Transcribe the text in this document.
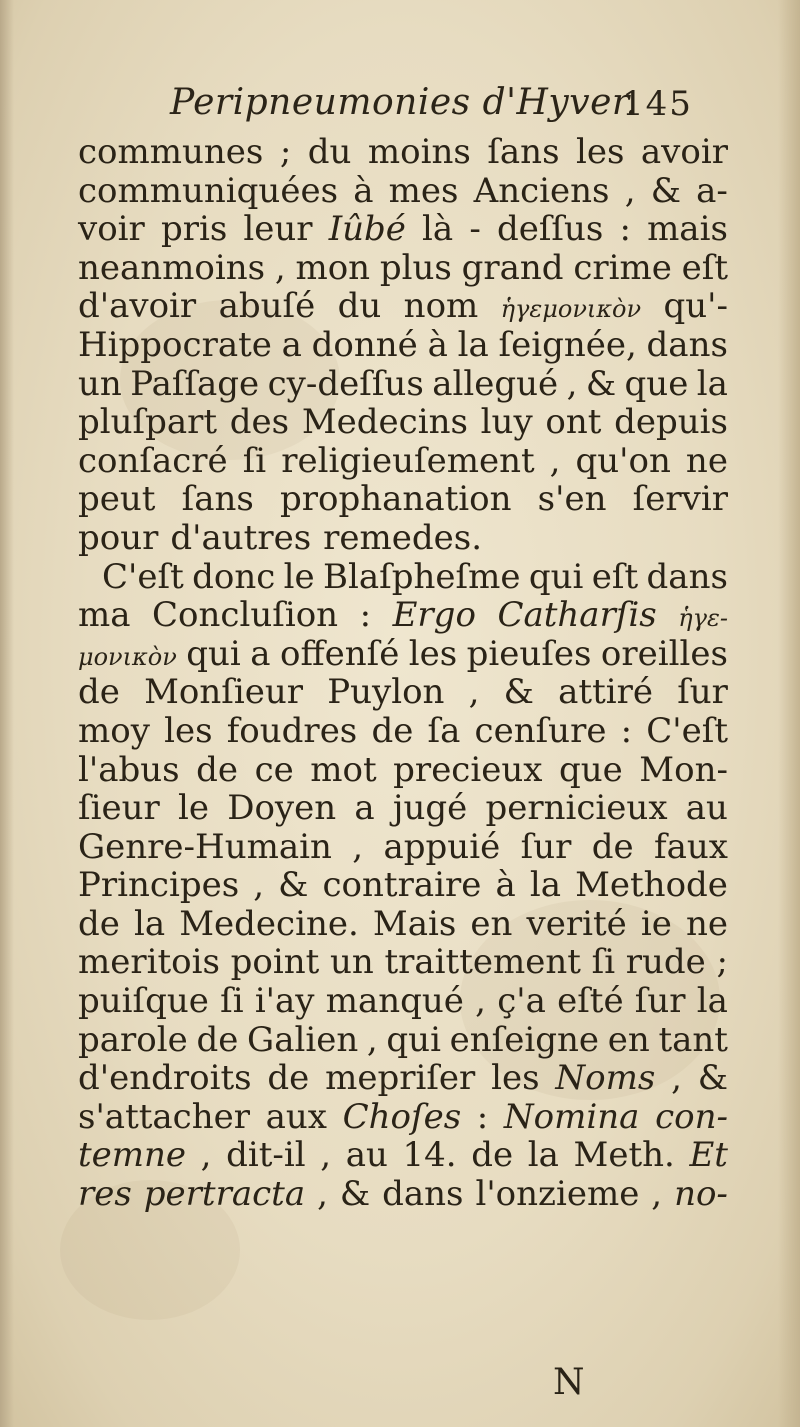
Peripneumonies d'Hyver.
145
communes ; du moins ſans les avoir
communiquées à mes Anciens , & a-
voir pris leur Iûbé là - deſſus : mais
neanmoins , mon plus grand crime eſt
d'avoir abuſé du nom ἡγεμονικὸν qu'-
Hippocrate a donné à la ſeignée, dans
un Paſſage cy-deſſus allegué , & que la
pluſpart des Medecins luy ont depuis
conſacré ſi religieuſement , qu'on ne
peut ſans prophanation s'en ſervir
pour d'autres remedes.
C'eſt donc le Blaſpheſme qui eſt dans
ma Concluſion : Ergo Catharſis ἡγε-
μονικὸν qui a offenſé les pieuſes oreilles
de Monſieur Puylon , & attiré ſur
moy les foudres de ſa cenſure : C'eſt
l'abus de ce mot precieux que Mon-
ſieur le Doyen a jugé pernicieux au
Genre-Humain , appuié ſur de faux
Principes , & contraire à la Methode
de la Medecine. Mais en verité ie ne
meritois point un traittement ſi rude ;
puiſque ſi i'ay manqué , ç'a eſté ſur la
parole de Galien , qui enſeigne en tant
d'endroits de mepriſer les Noms , &
s'attacher aux Choſes : Nomina con-
temne , dit-il , au 14. de la Meth. Et
res pertracta , & dans l'onzieme , no-
N
